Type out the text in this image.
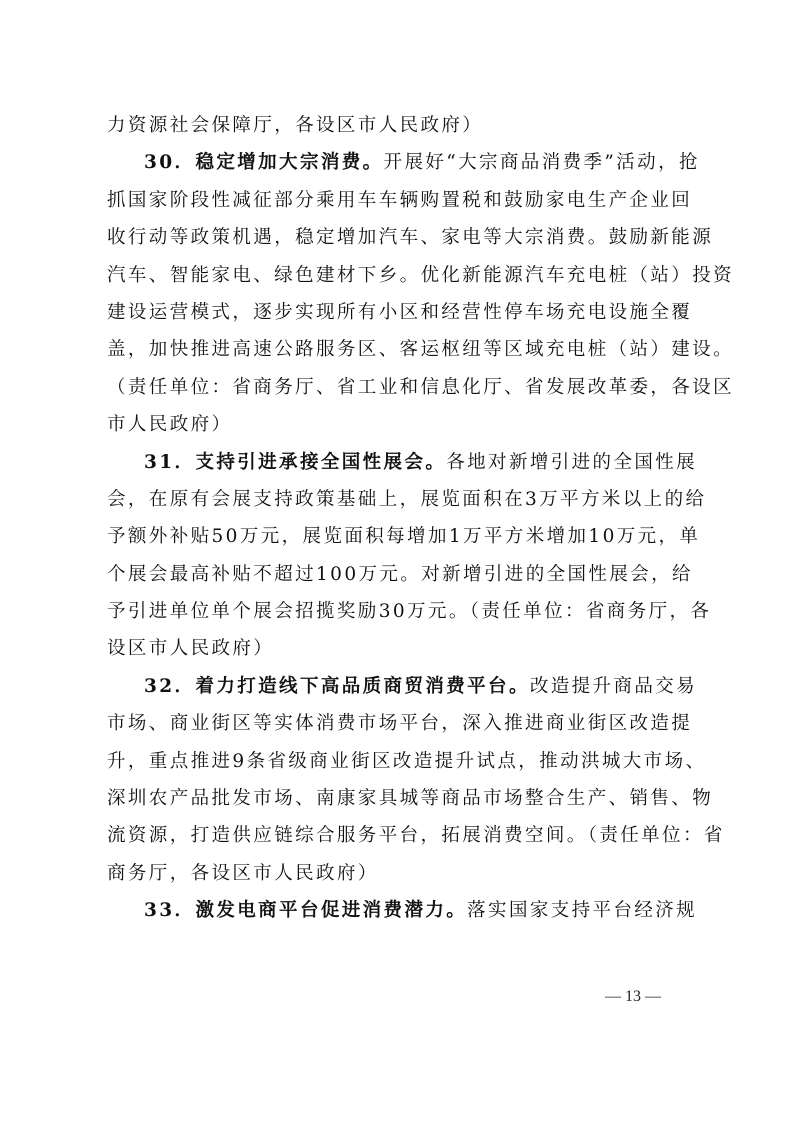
力资源社会保障厅，各设区市人民政府）
30．稳定增加大宗消费。开展好“大宗商品消费季”活动，抢
抓国家阶段性减征部分乘用车车辆购置税和鼓励家电生产企业回
收行动等政策机遇，稳定增加汽车、家电等大宗消费。鼓励新能源
汽车、智能家电、绿色建材下乡。优化新能源汽车充电桩（站）投资
建设运营模式，逐步实现所有小区和经营性停车场充电设施全覆
盖，加快推进高速公路服务区、客运枢纽等区域充电桩（站）建设。
（责任单位：省商务厅、省工业和信息化厅、省发展改革委，各设区
市人民政府）
31．支持引进承接全国性展会。各地对新增引进的全国性展
会，在原有会展支持政策基础上，展览面积在3万平方米以上的给
予额外补贴50万元，展览面积每增加1万平方米增加10万元，单
个展会最高补贴不超过100万元。对新增引进的全国性展会，给
予引进单位单个展会招揽奖励30万元。（责任单位：省商务厅，各
设区市人民政府）
32．着力打造线下高品质商贸消费平台。改造提升商品交易
市场、商业街区等实体消费市场平台，深入推进商业街区改造提
升，重点推进9条省级商业街区改造提升试点，推动洪城大市场、
深圳农产品批发市场、南康家具城等商品市场整合生产、销售、物
流资源，打造供应链综合服务平台，拓展消费空间。（责任单位：省
商务厅，各设区市人民政府）
33．激发电商平台促进消费潜力。落实国家支持平台经济规
— 13 —
